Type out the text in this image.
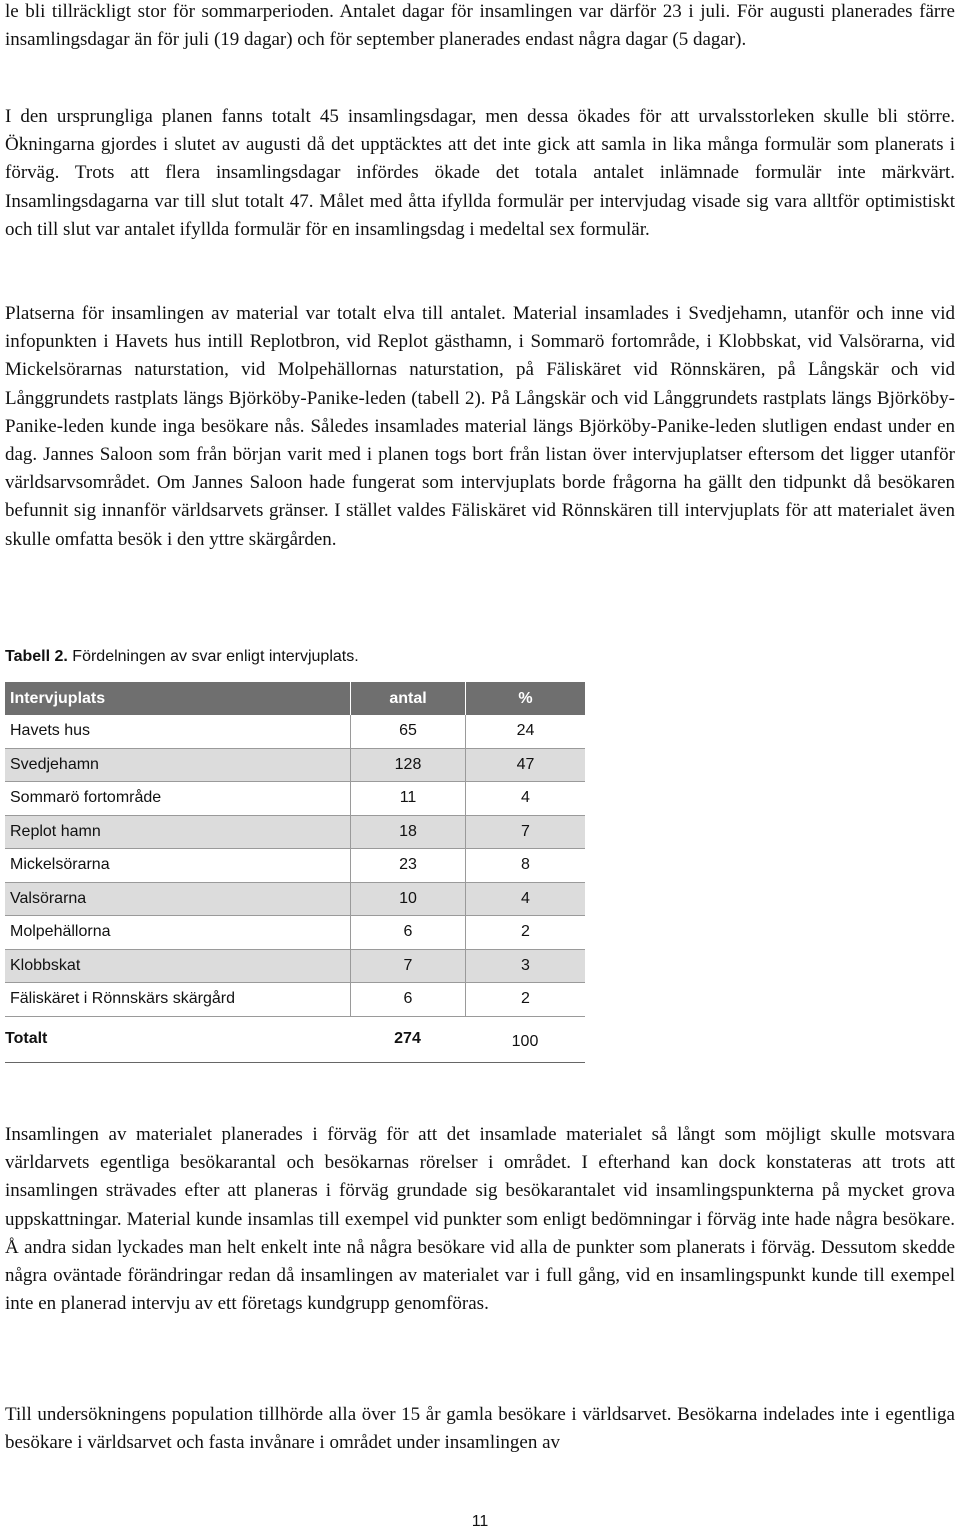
le bli tillräckligt stor för sommarperioden. Antalet dagar för insamlingen var därför 23 i juli. För augusti planerades färre insamlingsdagar än för juli (19 dagar) och för september planerades endast några dagar (5 dagar).

I den ursprungliga planen fanns totalt 45 insamlingsdagar, men dessa ökades för att urvalsstorleken skulle bli större. Ökningarna gjordes i slutet av augusti då det upptäcktes att det inte gick att samla in lika många formulär som planerats i förväg. Trots att flera insamlingsdagar infördes ökade det totala antalet inlämnade formulär inte märkvärt. Insamlingsdagarna var till slut totalt 47. Målet med åtta ifyllda formulär per intervjudag visade sig vara alltför optimistiskt och till slut var antalet ifyllda formulär för en insamlingsdag i medeltal sex formulär.

Platserna för insamlingen av material var totalt elva till antalet. Material insamlades i Svedjehamn, utanför och inne vid infopunkten i Havets hus intill Replotbron, vid Replot gästhamn, i Sommarö fortområde, i Klobbskat, vid Valsörarna, vid Mickelsörarnas naturstation, vid Molpehällornas naturstation, på Fäliskäret vid Rönnskären, på Långskär och vid Långgrundets rastplats längs Björköby-Panike-leden (tabell 2). På Långskär och vid Långgrundets rastplats längs Björköby-Panike-leden kunde inga besökare nås. Således insamlades material längs Björköby-Panike-leden slutligen endast under en dag. Jannes Saloon som från början varit med i planen togs bort från listan över intervjuplatser eftersom det ligger utanför världsarvsområdet. Om Jannes Saloon hade fungerat som intervjuplats borde frågorna ha gällt den tidpunkt då besökaren befunnit sig innanför världsarvets gränser. I stället valdes Fäliskäret vid Rönnskären till intervjuplats för att materialet även skulle omfatta besök i den yttre skärgården.

Tabell 2. Fördelningen av svar enligt intervjuplats.

Intervjuplats	antal	%
Havets hus	65	24
Svedjehamn	128	47
Sommarö fortområde	11	4
Replot hamn	18	7
Mickelsörarna	23	8
Valsörarna	10	4
Molpehällorna	6	2
Klobbskat	7	3
Fäliskäret i Rönnskärs skärgård	6	2
Totalt	274	100

Insamlingen av materialet planerades i förväg för att det insamlade materialet så långt som möjligt skulle motsvara världarvets egentliga besökarantal och besökarnas rörelser i området. I efterhand kan dock konstateras att trots att insamlingen strävades efter att planeras i förväg grundade sig besökarantalet vid insamlingspunkterna på mycket grova uppskattningar. Material kunde insamlas till exempel vid punkter som enligt bedömningar i förväg inte hade några besökare. Å andra sidan lyckades man helt enkelt inte nå några besökare vid alla de punkter som planerats i förväg. Dessutom skedde några oväntade förändringar redan då insamlingen av materialet var i full gång, vid en insamlingspunkt kunde till exempel inte en planerad intervju av ett företags kundgrupp genomföras.

Till undersökningens population tillhörde alla över 15 år gamla besökare i världsarvet. Besökarna indelades inte i egentliga besökare i världsarvet och fasta invånare i området under insamlingen av

11
